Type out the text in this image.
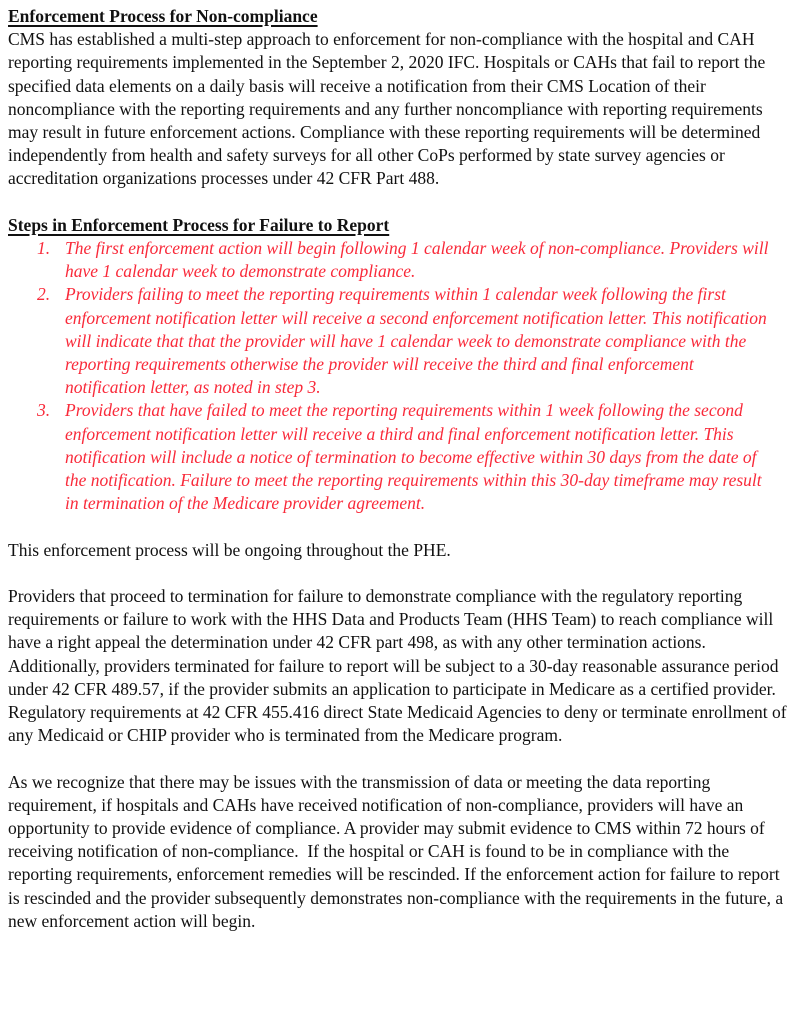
Enforcement Process for Non-compliance

CMS has established a multi-step approach to enforcement for non-compliance with the hospital and CAH reporting requirements implemented in the September 2, 2020 IFC. Hospitals or CAHs that fail to report the specified data elements on a daily basis will receive a notification from their CMS Location of their noncompliance with the reporting requirements and any further noncompliance with reporting requirements may result in future enforcement actions. Compliance with these reporting requirements will be determined independently from health and safety surveys for all other CoPs performed by state survey agencies or accreditation organizations processes under 42 CFR Part 488.

Steps in Enforcement Process for Failure to Report
1. The first enforcement action will begin following 1 calendar week of non-compliance. Providers will have 1 calendar week to demonstrate compliance.
2. Providers failing to meet the reporting requirements within 1 calendar week following the first enforcement notification letter will receive a second enforcement notification letter. This notification will indicate that that the provider will have 1 calendar week to demonstrate compliance with the reporting requirements otherwise the provider will receive the third and final enforcement notification letter, as noted in step 3.
3. Providers that have failed to meet the reporting requirements within 1 week following the second enforcement notification letter will receive a third and final enforcement notification letter. This notification will include a notice of termination to become effective within 30 days from the date of the notification. Failure to meet the reporting requirements within this 30-day timeframe may result in termination of the Medicare provider agreement.

This enforcement process will be ongoing throughout the PHE.

Providers that proceed to termination for failure to demonstrate compliance with the regulatory reporting requirements or failure to work with the HHS Data and Products Team (HHS Team) to reach compliance will have a right appeal the determination under 42 CFR part 498, as with any other termination actions. Additionally, providers terminated for failure to report will be subject to a 30-day reasonable assurance period under 42 CFR 489.57, if the provider submits an application to participate in Medicare as a certified provider. Regulatory requirements at 42 CFR 455.416 direct State Medicaid Agencies to deny or terminate enrollment of any Medicaid or CHIP provider who is terminated from the Medicare program.

As we recognize that there may be issues with the transmission of data or meeting the data reporting requirement, if hospitals and CAHs have received notification of non-compliance, providers will have an opportunity to provide evidence of compliance. A provider may submit evidence to CMS within 72 hours of receiving notification of non-compliance.  If the hospital or CAH is found to be in compliance with the reporting requirements, enforcement remedies will be rescinded. If the enforcement action for failure to report is rescinded and the provider subsequently demonstrates non-compliance with the requirements in the future, a new enforcement action will begin.
